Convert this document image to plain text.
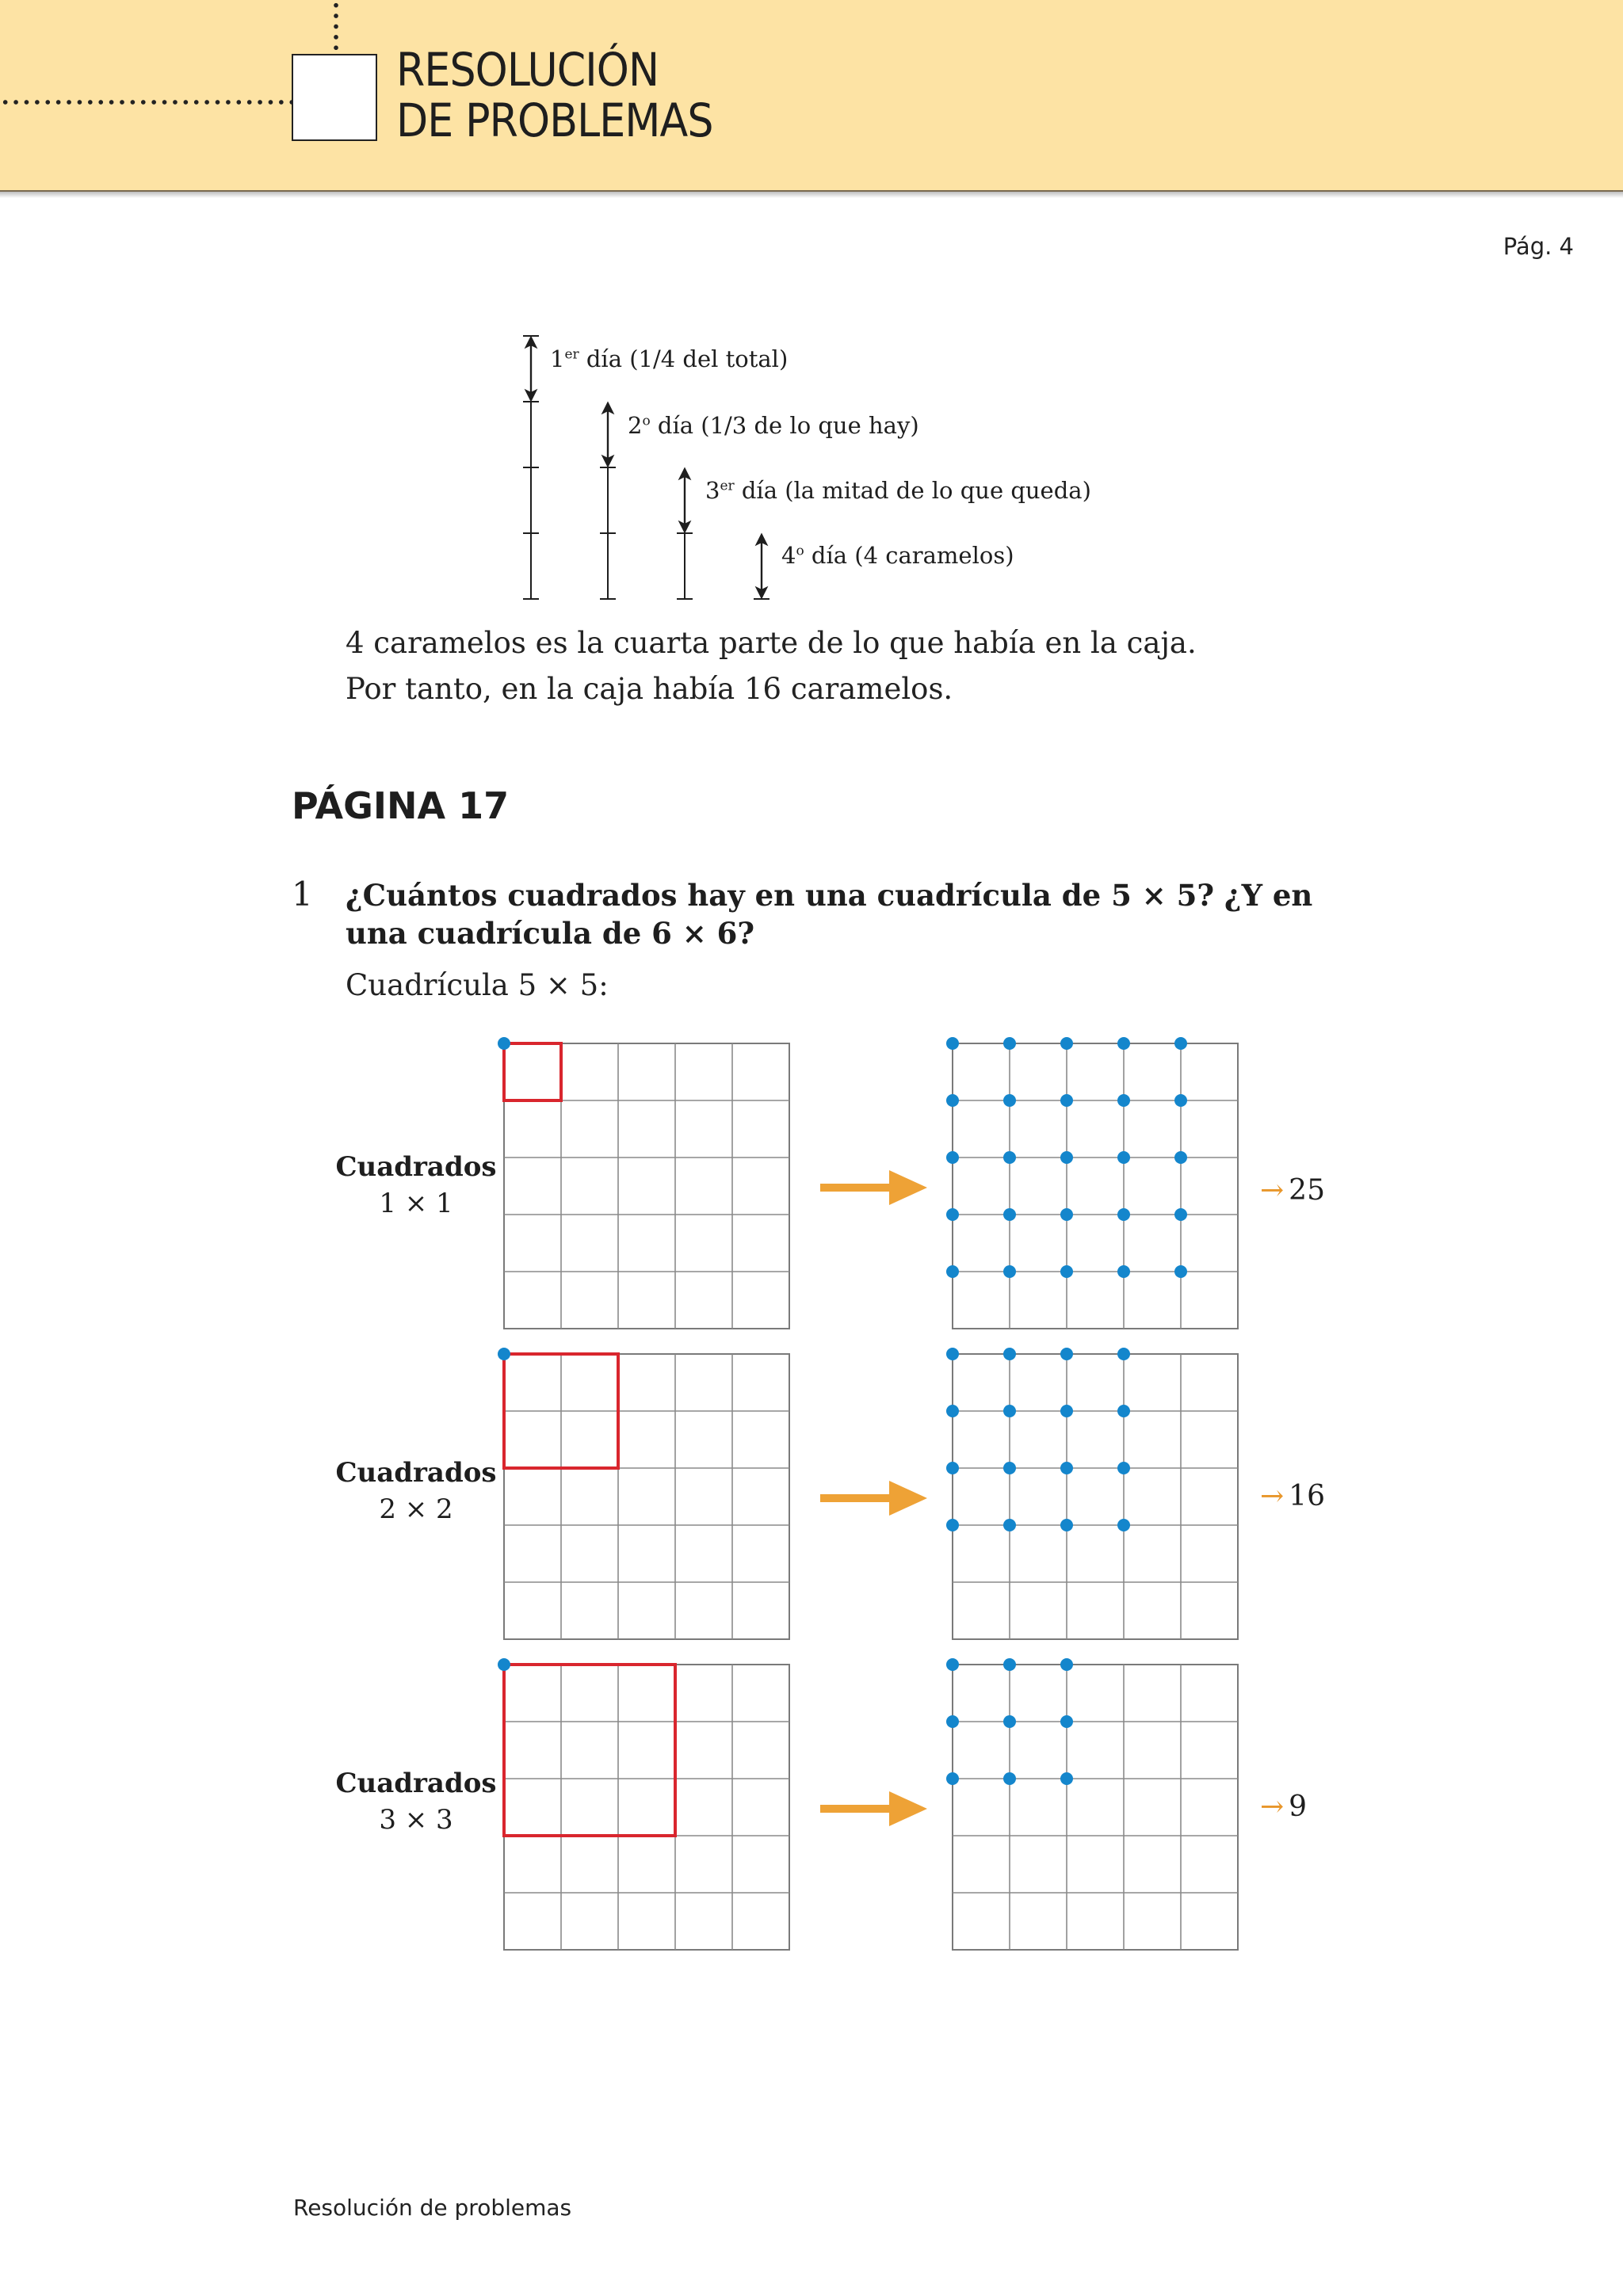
RESOLUCIÓN
DE PROBLEMAS
Pág. 4
1er día (1/4 del total)
2$^o$ día (1/3 de lo que hay)
3er día (la mitad de lo que queda)
4$^o$ día (4 caramelos)
4 caramelos es la cuarta parte de lo que había en la caja.
Por tanto, en la caja había 16 caramelos.
PÁGINA 17
1 ¿Cuántos cuadrados hay en una cuadrícula de 5 × 5? ¿Y en una cuadrícula de 6 × 6?
Cuadrícula 5 × 5:
Cuadrados
1 × 1
Cuadrados
2 × 2
Cuadrados
3 × 3
→ 25
→ 16
→ 9
Resolución de problemas
